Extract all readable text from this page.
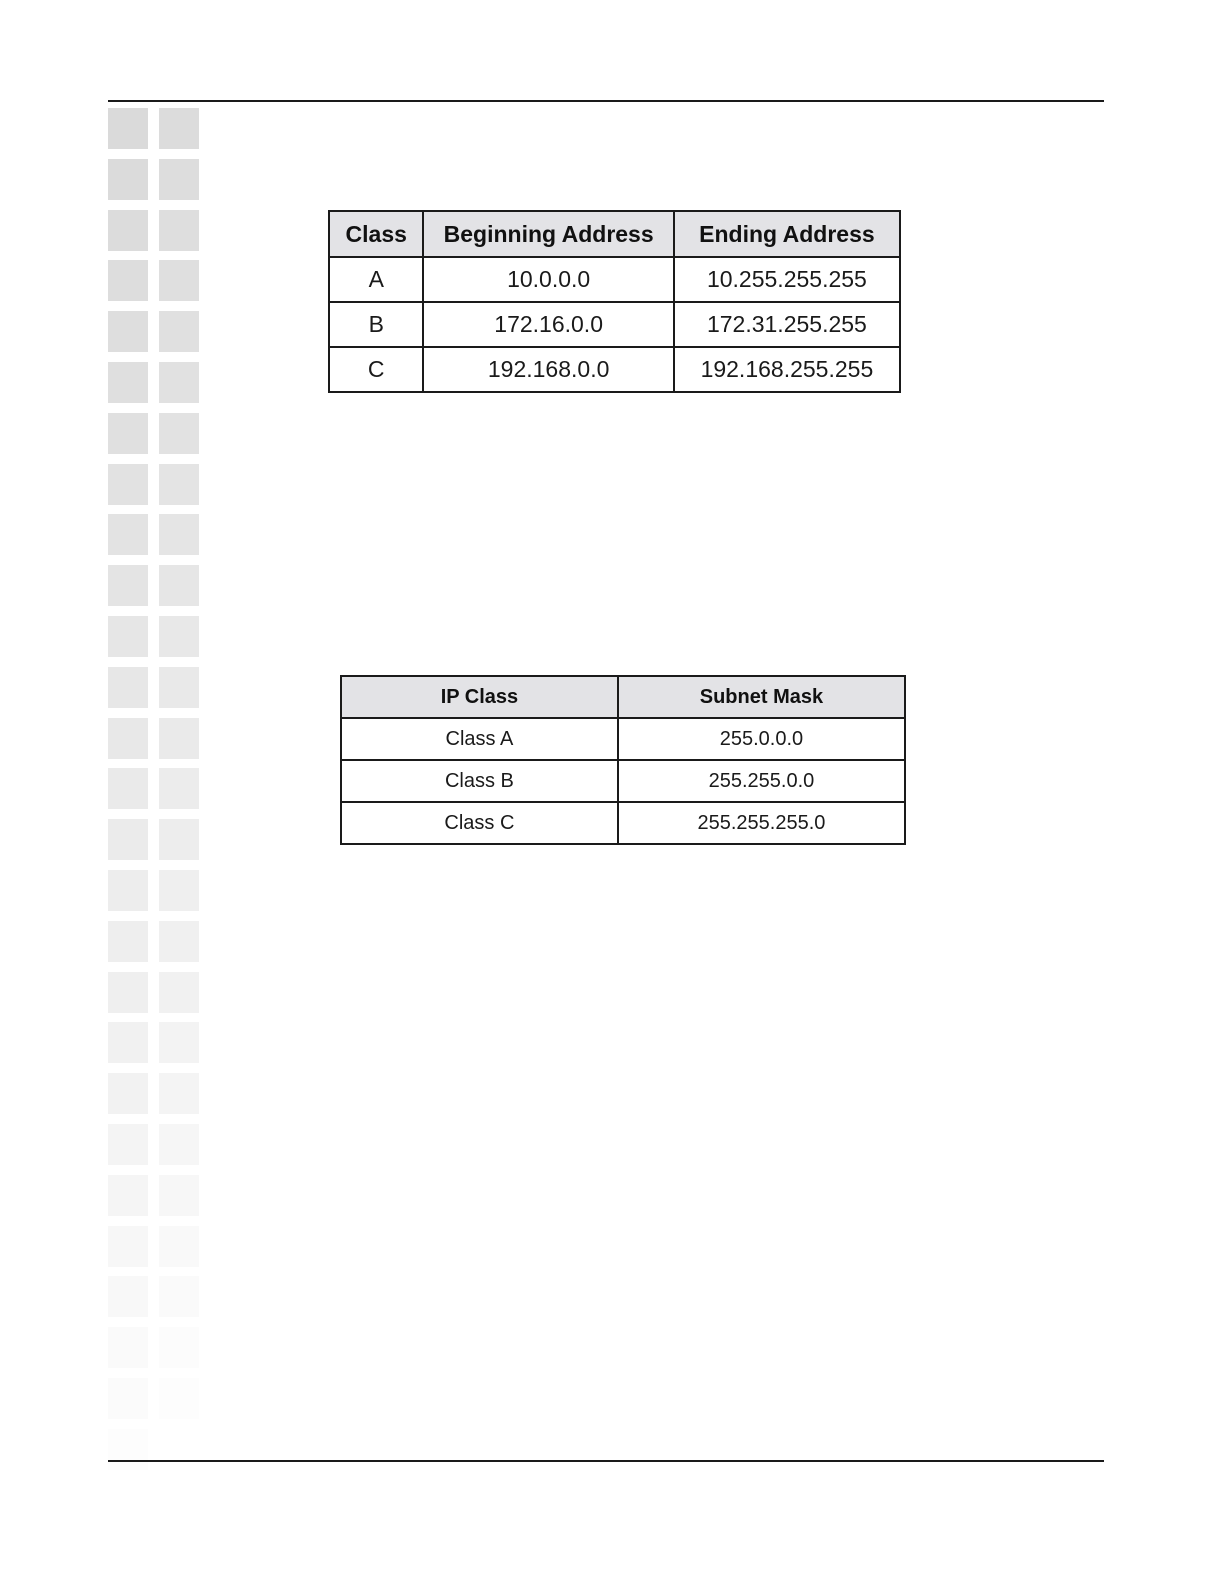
Class	Beginning Address	Ending Address
A	10.0.0.0	10.255.255.255
B	172.16.0.0	172.31.255.255
C	192.168.0.0	192.168.255.255
IP Class	Subnet Mask
Class A	255.0.0.0
Class B	255.255.0.0
Class C	255.255.255.0
